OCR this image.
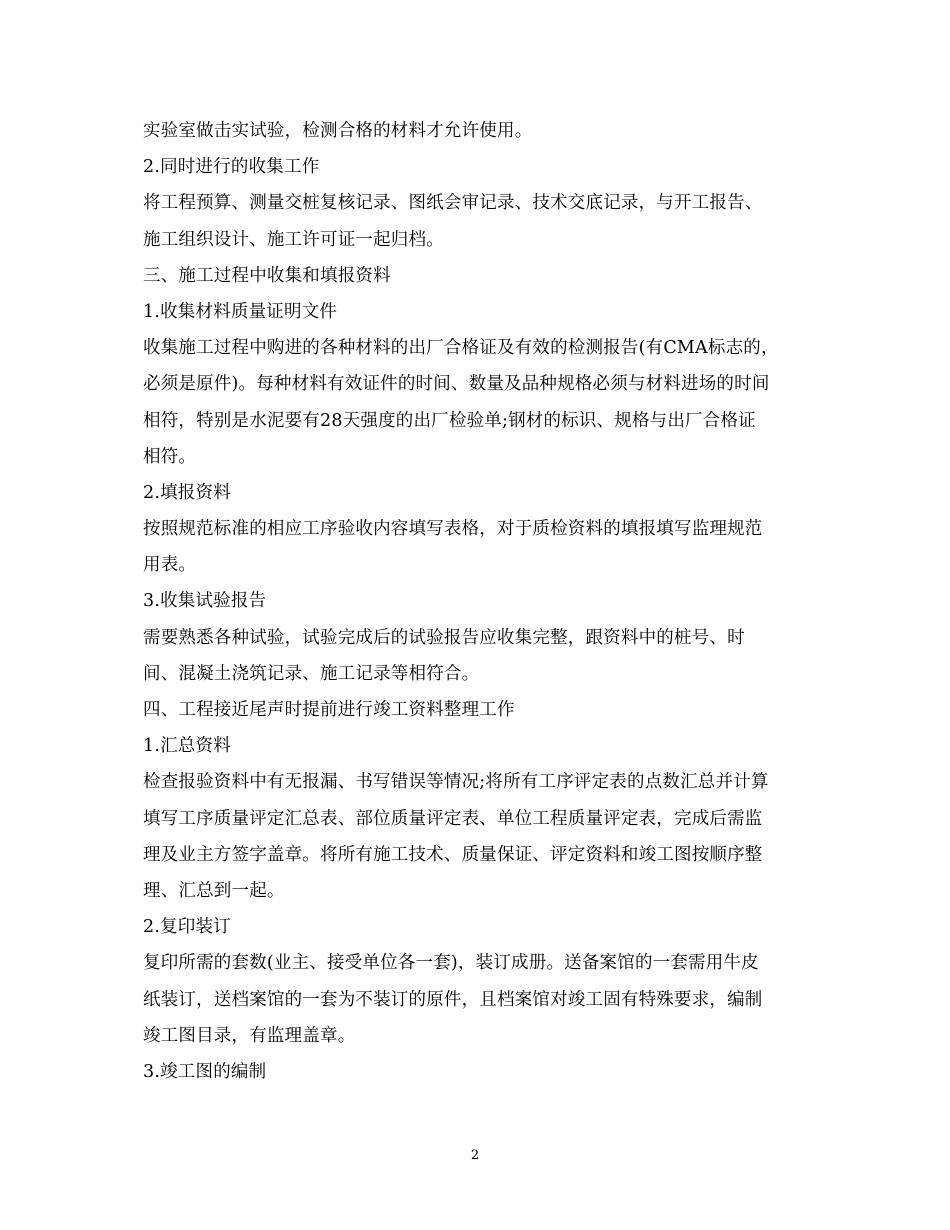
实验室做击实试验，检测合格的材料才允许使用。
2.同时进行的收集工作
将工程预算、测量交桩复核记录、图纸会审记录、技术交底记录，与开工报告、
施工组织设计、施工许可证一起归档。
三、施工过程中收集和填报资料
1.收集材料质量证明文件
收集施工过程中购进的各种材料的出厂合格证及有效的检测报告(有CMA标志的，
必须是原件)。每种材料有效证件的时间、数量及品种规格必须与材料进场的时间
相符，特别是水泥要有28天强度的出厂检验单;钢材的标识、规格与出厂合格证
相符。
2.填报资料
按照规范标准的相应工序验收内容填写表格，对于质检资料的填报填写监理规范
用表。
3.收集试验报告
需要熟悉各种试验，试验完成后的试验报告应收集完整，跟资料中的桩号、时
间、混凝土浇筑记录、施工记录等相符合。
四、工程接近尾声时提前进行竣工资料整理工作
1.汇总资料
检查报验资料中有无报漏、书写错误等情况;将所有工序评定表的点数汇总并计算
填写工序质量评定汇总表、部位质量评定表、单位工程质量评定表，完成后需监
理及业主方签字盖章。将所有施工技术、质量保证、评定资料和竣工图按顺序整
理、汇总到一起。
2.复印装订
复印所需的套数(业主、接受单位各一套)，装订成册。送备案馆的一套需用牛皮
纸装订，送档案馆的一套为不装订的原件，且档案馆对竣工固有特殊要求，编制
竣工图目录，有监理盖章。
3.竣工图的编制
2
